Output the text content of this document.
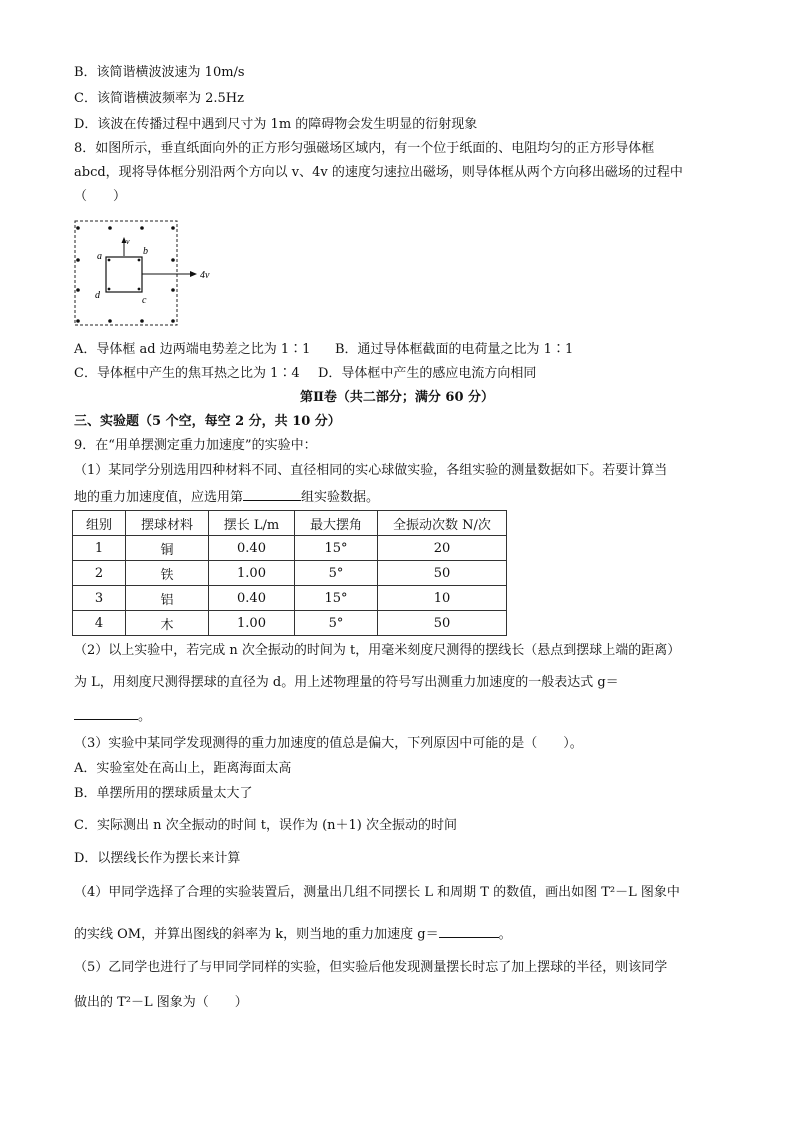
B．该简谐横波波速为 10m/s
C．该简谐横波频率为 2.5Hz
D．该波在传播过程中遇到尺寸为 1m 的障碍物会发生明显的衍射现象
8．如图所示，垂直纸面向外的正方形匀强磁场区域内，有一个位于纸面的、电阻均匀的正方形导体框
abcd，现将导体框分别沿两个方向以 v、4v 的速度匀速拉出磁场，则导体框从两个方向移出磁场的过程中
（　　）
v
a	b
c
d
4v
A．导体框 ad 边两端电势差之比为 1∶1 B．通过导体框截面的电荷量之比为 1∶1
C．导体框中产生的焦耳热之比为 1∶4 D．导体框中产生的感应电流方向相同
第Ⅱ卷（共二部分；满分 60 分）
三、实验题（5 个空，每空 2 分，共 10 分）
9．在“用单摆测定重力加速度”的实验中：
（1）某同学分别选用四种材料不同、直径相同的实心球做实验，各组实验的测量数据如下。若要计算当
地的重力加速度值，应选用第	组实验数据。
组别	摆球材料	摆长 L/m	最大摆角	全振动次数 N/次
1	铜	0.40	15°	20
2	铁	1.00	5°	50
3	铝	0.40	15°	10
4	木	1.00	5°	50
（2）以上实验中，若完成 n 次全振动的时间为 t，用毫米刻度尺测得的摆线长（悬点到摆球上端的距离）
为 L，用刻度尺测得摆球的直径为 d。用上述物理量的符号写出测重力加速度的一般表达式 g＝
。
（3）实验中某同学发现测得的重力加速度的值总是偏大，下列原因中可能的是（　　）。
A．实验室处在高山上，距离海面太高
B．单摆所用的摆球质量太大了
C．实际测出 n 次全振动的时间 t，误作为 (n＋1) 次全振动的时间
D．以摆线长作为摆长来计算
（4）甲同学选择了合理的实验装置后，测量出几组不同摆长 L 和周期 T 的数值，画出如图 T²－L 图象中
的实线 OM，并算出图线的斜率为 k，则当地的重力加速度 g＝	。
（5）乙同学也进行了与甲同学同样的实验，但实验后他发现测量摆长时忘了加上摆球的半径，则该同学
做出的 T²－L 图象为（　　）
